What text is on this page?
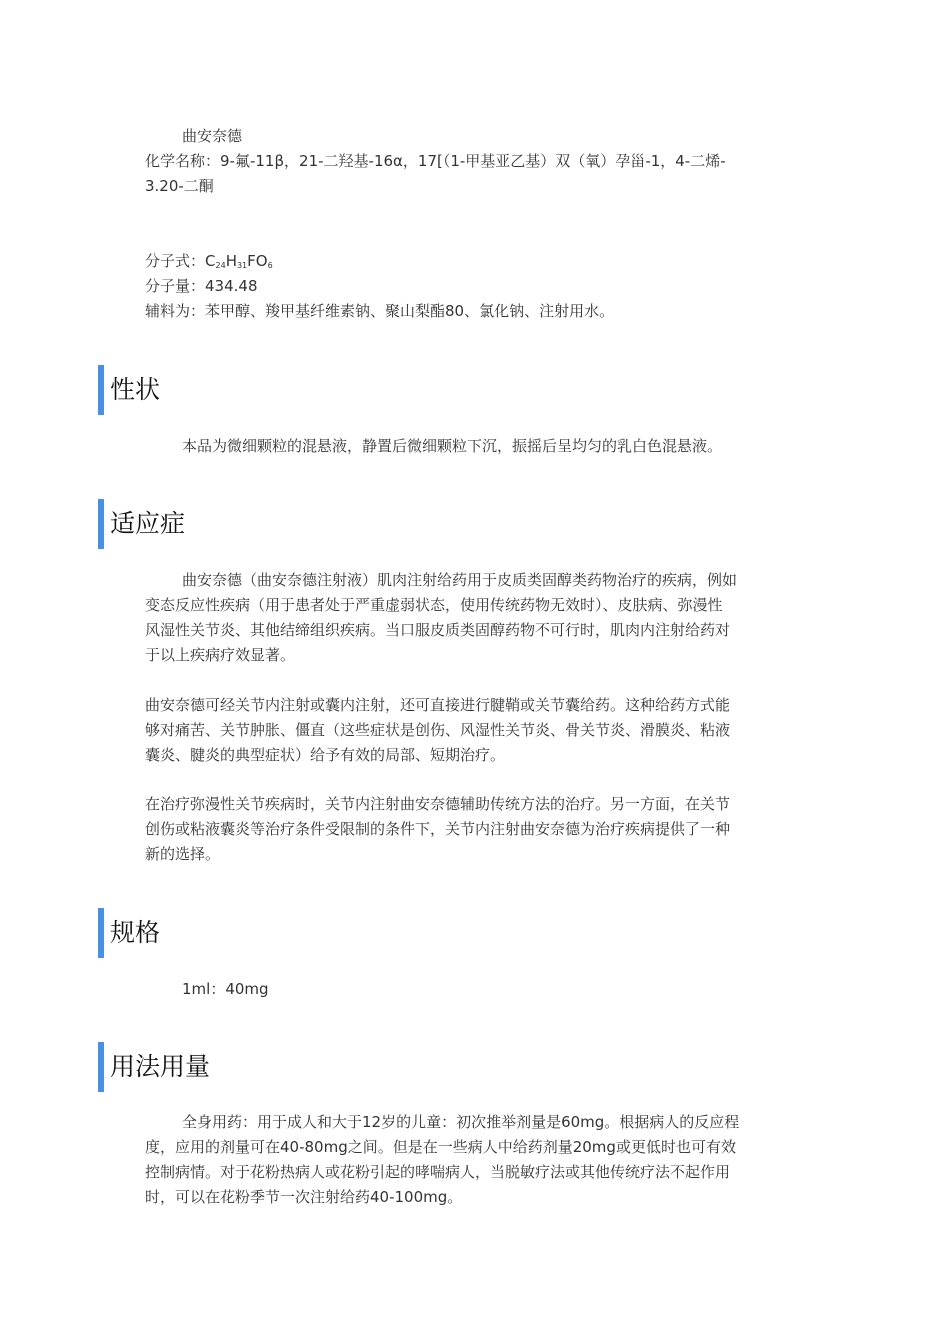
曲安奈德

化学名称：9-氟-11β，21-二羟基-16α，17[（1-甲基亚乙基）双（氧）孕甾-1，4-二烯-
3.20-二酮

分子式：$C_{24}H_{31}FO_6$

分子量：434.48

辅料为：苯甲醇、羧甲基纤维素钠、聚山梨酯80、氯化钠、注射用水。

性状

本品为微细颗粒的混悬液，静置后微细颗粒下沉，振摇后呈均匀的乳白色混悬液。

适应症

曲安奈德（曲安奈德注射液）肌肉注射给药用于皮质类固醇类药物治疗的疾病，例如
变态反应性疾病（用于患者处于严重虚弱状态，使用传统药物无效时）、皮肤病、弥漫性
风湿性关节炎、其他结缔组织疾病。当口服皮质类固醇药物不可行时，肌肉内注射给药对
于以上疾病疗效显著。

曲安奈德可经关节内注射或囊内注射，还可直接进行腱鞘或关节囊给药。这种给药方式能
够对痛苦、关节肿胀、僵直（这些症状是创伤、风湿性关节炎、骨关节炎、滑膜炎、粘液
囊炎、腱炎的典型症状）给予有效的局部、短期治疗。

在治疗弥漫性关节疾病时，关节内注射曲安奈德辅助传统方法的治疗。另一方面，在关节
创伤或粘液囊炎等治疗条件受限制的条件下，关节内注射曲安奈德为治疗疾病提供了一种
新的选择。

规格

1ml：40mg

用法用量

全身用药：用于成人和大于12岁的儿童：初次推举剂量是60mg。根据病人的反应程
度，应用的剂量可在40-80mg之间。但是在一些病人中给药剂量20mg或更低时也可有效
控制病情。对于花粉热病人或花粉引起的哮喘病人，当脱敏疗法或其他传统疗法不起作用
时，可以在花粉季节一次注射给药40-100mg。
